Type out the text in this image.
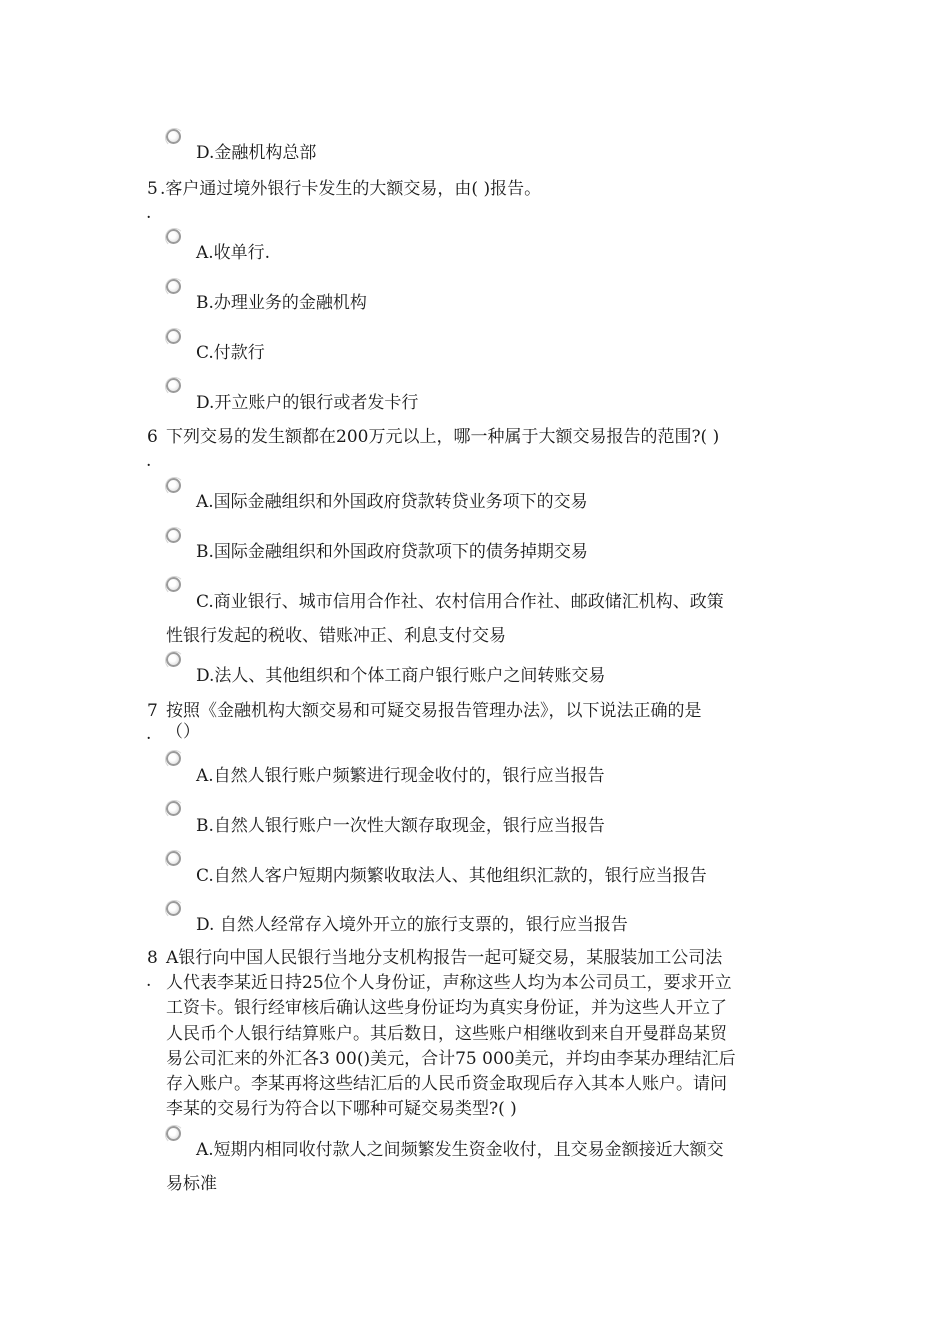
D.金融机构总部
5 .客户通过境外银行卡发生的大额交易，由( )报告。
.
A.收单行.
B.办理业务的金融机构
C.付款行
D.开立账户的银行或者发卡行
6 下列交易的发生额都在200万元以上，哪一种属于大额交易报告的范围?( )
.
A.国际金融组织和外国政府贷款转贷业务项下的交易
B.国际金融组织和外国政府贷款项下的债务掉期交易
C.商业银行、城市信用合作社、农村信用合作社、邮政储汇机构、政策
性银行发起的税收、错账冲正、利息支付交易
D.法人、其他组织和个体工商户银行账户之间转账交易
7 按照《金融机构大额交易和可疑交易报告管理办法》，以下说法正确的是
. （）
A.自然人银行账户频繁进行现金收付的，银行应当报告
B.自然人银行账户一次性大额存取现金，银行应当报告
C.自然人客户短期内频繁收取法人、其他组织汇款的，银行应当报告
D. 自然人经常存入境外开立的旅行支票的，银行应当报告
8 A银行向中国人民银行当地分支机构报告一起可疑交易，某服装加工公司法
. 人代表李某近日持25位个人身份证，声称这些人均为本公司员工，要求开立
工资卡。银行经审核后确认这些身份证均为真实身份证，并为这些人开立了
人民币个人银行结算账户。其后数日，这些账户相继收到来自开曼群岛某贸
易公司汇来的外汇各3 00()美元，合计75 000美元，并均由李某办理结汇后
存入账户。李某再将这些结汇后的人民币资金取现后存入其本人账户。请问
李某的交易行为符合以下哪种可疑交易类型?( )
A.短期内相同收付款人之间频繁发生资金收付，且交易金额接近大额交
易标准
